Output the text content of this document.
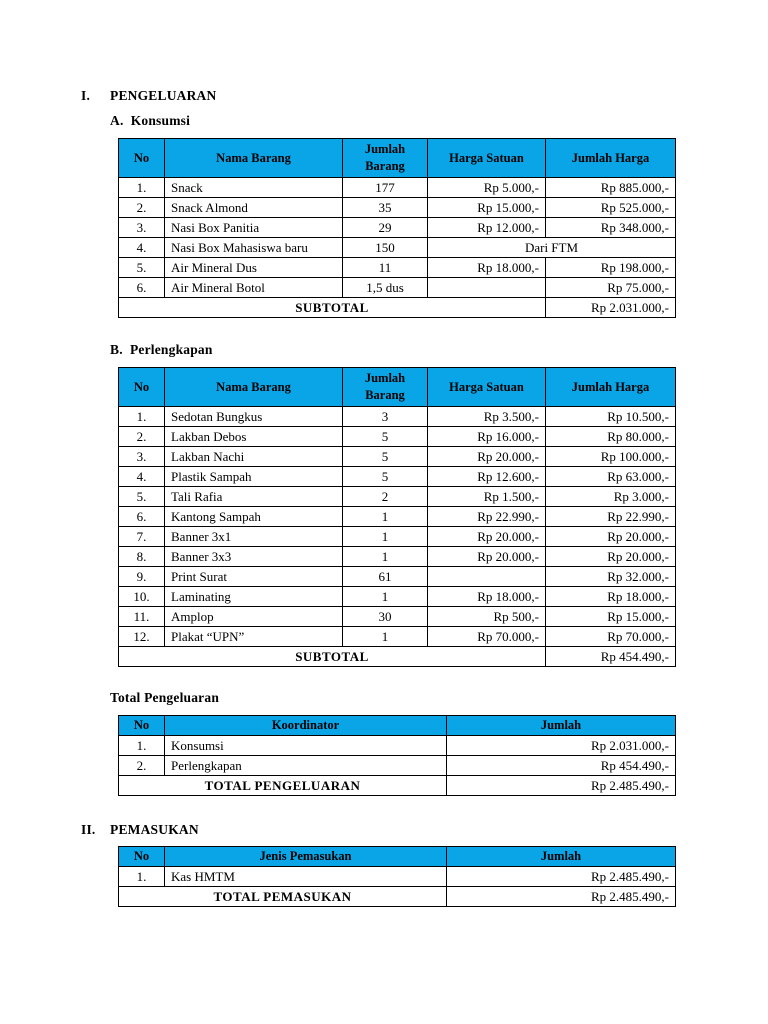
I. PENGELUARAN
A. Konsumsi
No	Nama Barang	Jumlah Barang	Harga Satuan	Jumlah Harga
1.	Snack	177	Rp 5.000,-	Rp 885.000,-
2.	Snack Almond	35	Rp 15.000,-	Rp 525.000,-
3.	Nasi Box Panitia	29	Rp 12.000,-	Rp 348.000,-
4.	Nasi Box Mahasiswa baru	150	Dari FTM	
5.	Air Mineral Dus	11	Rp 18.000,-	Rp 198.000,-
6.	Air Mineral Botol	1,5 dus		Rp 75.000,-
SUBTOTAL				Rp 2.031.000,-
B. Perlengkapan
No	Nama Barang	Jumlah Barang	Harga Satuan	Jumlah Harga
1.	Sedotan Bungkus	3	Rp 3.500,-	Rp 10.500,-
2.	Lakban Debos	5	Rp 16.000,-	Rp 80.000,-
3.	Lakban Nachi	5	Rp 20.000,-	Rp 100.000,-
4.	Plastik Sampah	5	Rp 12.600,-	Rp 63.000,-
5.	Tali Rafia	2	Rp 1.500,-	Rp 3.000,-
6.	Kantong Sampah	1	Rp 22.990,-	Rp 22.990,-
7.	Banner 3x1	1	Rp 20.000,-	Rp 20.000,-
8.	Banner 3x3	1	Rp 20.000,-	Rp 20.000,-
9.	Print Surat	61		Rp 32.000,-
10.	Laminating	1	Rp 18.000,-	Rp 18.000,-
11.	Amplop	30	Rp 500,-	Rp 15.000,-
12.	Plakat “UPN”	1	Rp 70.000,-	Rp 70.000,-
SUBTOTAL				Rp 454.490,-
Total Pengeluaran
No	Koordinator	Jumlah
1.	Konsumsi	Rp 2.031.000,-
2.	Perlengkapan	Rp 454.490,-
TOTAL PENGELUARAN		Rp 2.485.490,-
II. PEMASUKAN
No	Jenis Pemasukan	Jumlah
1.	Kas HMTM	Rp 2.485.490,-
TOTAL PEMASUKAN		Rp 2.485.490,-
